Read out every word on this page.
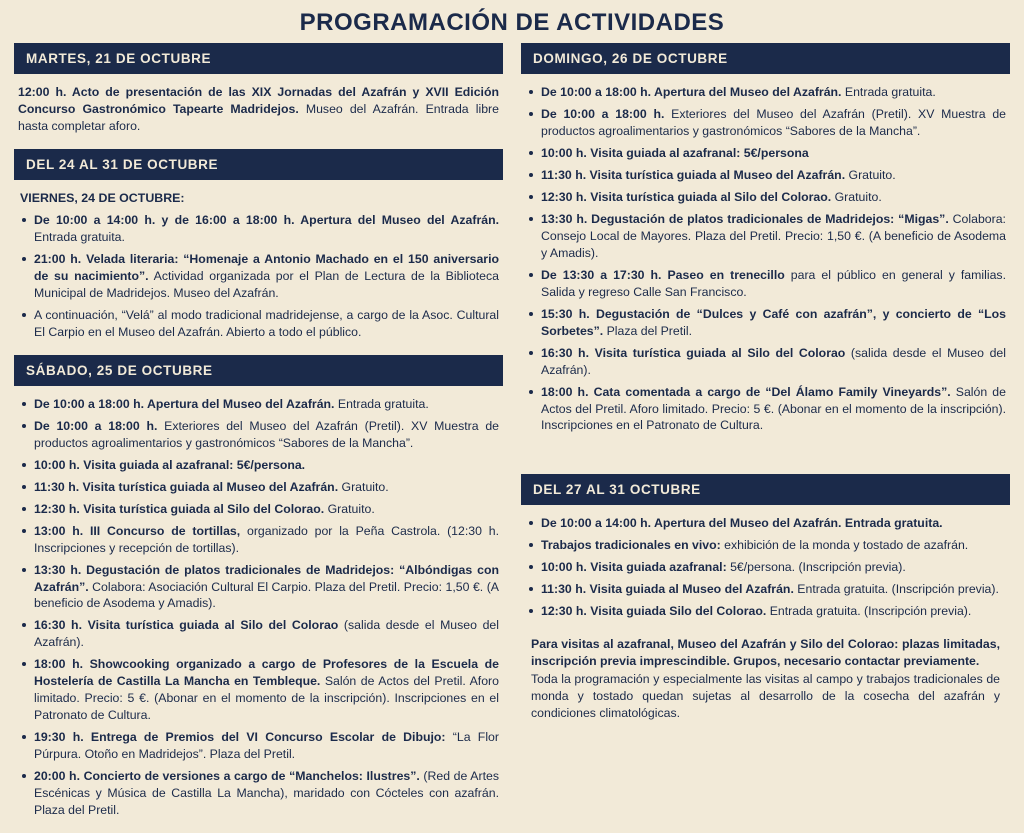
PROGRAMACIÓN DE ACTIVIDADES
MARTES, 21 DE OCTUBRE

12:00 h. Acto de presentación de las XIX Jornadas del Azafrán y XVII Edición Concurso Gastronómico Tapearte Madridejos. Museo del Azafrán. Entrada libre hasta completar aforo.

DEL 24 AL 31 DE OCTUBRE
VIERNES, 24 DE OCTUBRE:
De 10:00 a 14:00 h. y de 16:00 a 18:00 h. Apertura del Museo del Azafrán. Entrada gratuita.
21:00 h. Velada literaria: “Homenaje a Antonio Machado en el 150 aniversario de su nacimiento”. Actividad organizada por el Plan de Lectura de la Biblioteca Municipal de Madridejos. Museo del Azafrán.
A continuación, “Velá” al modo tradicional madridejense, a cargo de la Asoc. Cultural El Carpio en el Museo del Azafrán. Abierto a todo el público.
SÁBADO, 25 DE OCTUBRE
De 10:00 a 18:00 h. Apertura del Museo del Azafrán. Entrada gratuita.
De 10:00 a 18:00 h. Exteriores del Museo del Azafrán (Pretil). XV Muestra de productos agroalimentarios y gastronómicos “Sabores de la Mancha”.
10:00 h. Visita guiada al azafranal: 5€/persona.
11:30 h. Visita turística guiada al Museo del Azafrán. Gratuito.
12:30 h. Visita turística guiada al Silo del Colorao. Gratuito.
13:00 h. III Concurso de tortillas, organizado por la Peña Castrola. (12:30 h. Inscripciones y recepción de tortillas).
13:30 h. Degustación de platos tradicionales de Madridejos: “Albóndigas con Azafrán”. Colabora: Asociación Cultural El Carpio. Plaza del Pretil. Precio: 1,50 €. (A beneficio de Asodema y Amadis).
16:30 h. Visita turística guiada al Silo del Colorao (salida desde el Museo del Azafrán).
18:00 h. Showcooking organizado a cargo de Profesores de la Escuela de Hostelería de Castilla La Mancha en Tembleque. Salón de Actos del Pretil. Aforo limitado. Precio: 5 €. (Abonar en el momento de la inscripción). Inscripciones en el Patronato de Cultura.
19:30 h. Entrega de Premios del VI Concurso Escolar de Dibujo: “La Flor Púrpura. Otoño en Madridejos”. Plaza del Pretil.
20:00 h. Concierto de versiones a cargo de “Manchelos: Ilustres”. (Red de Artes Escénicas y Música de Castilla La Mancha), maridado con Cócteles con azafrán. Plaza del Pretil.
DOMINGO, 26 DE OCTUBRE
De 10:00 a 18:00 h. Apertura del Museo del Azafrán. Entrada gratuita.
De 10:00 a 18:00 h. Exteriores del Museo del Azafrán (Pretil). XV Muestra de productos agroalimentarios y gastronómicos “Sabores de la Mancha”.
10:00 h. Visita guiada al azafranal: 5€/persona
11:30 h. Visita turística guiada al Museo del Azafrán. Gratuito.
12:30 h. Visita turística guiada al Silo del Colorao. Gratuito.
13:30 h. Degustación de platos tradicionales de Madridejos: “Migas”. Colabora: Consejo Local de Mayores. Plaza del Pretil. Precio: 1,50 €. (A beneficio de Asodema y Amadis).
De 13:30 a 17:30 h. Paseo en trenecillo para el público en general y familias. Salida y regreso Calle San Francisco.
15:30 h. Degustación de “Dulces y Café con azafrán”, y concierto de “Los Sorbetes”. Plaza del Pretil.
16:30 h. Visita turística guiada al Silo del Colorao (salida desde el Museo del Azafrán).
18:00 h. Cata comentada a cargo de “Del Álamo Family Vineyards”. Salón de Actos del Pretil. Aforo limitado. Precio: 5 €. (Abonar en el momento de la inscripción). Inscripciones en el Patronato de Cultura.
DEL 27 AL 31 OCTUBRE
De 10:00 a 14:00 h. Apertura del Museo del Azafrán. Entrada gratuita.
Trabajos tradicionales en vivo: exhibición de la monda y tostado de azafrán.
10:00 h. Visita guiada azafranal: 5€/persona. (Inscripción previa).
11:30 h. Visita guiada al Museo del Azafrán. Entrada gratuita. (Inscripción previa).
12:30 h. Visita guiada Silo del Colorao. Entrada gratuita. (Inscripción previa).
Para visitas al azafranal, Museo del Azafrán y Silo del Colorao: plazas limitadas, inscripción previa imprescindible. Grupos, necesario contactar previamente.
Toda la programación y especialmente las visitas al campo y trabajos tradicionales de monda y tostado quedan sujetas al desarrollo de la cosecha del azafrán y condiciones climatológicas.
